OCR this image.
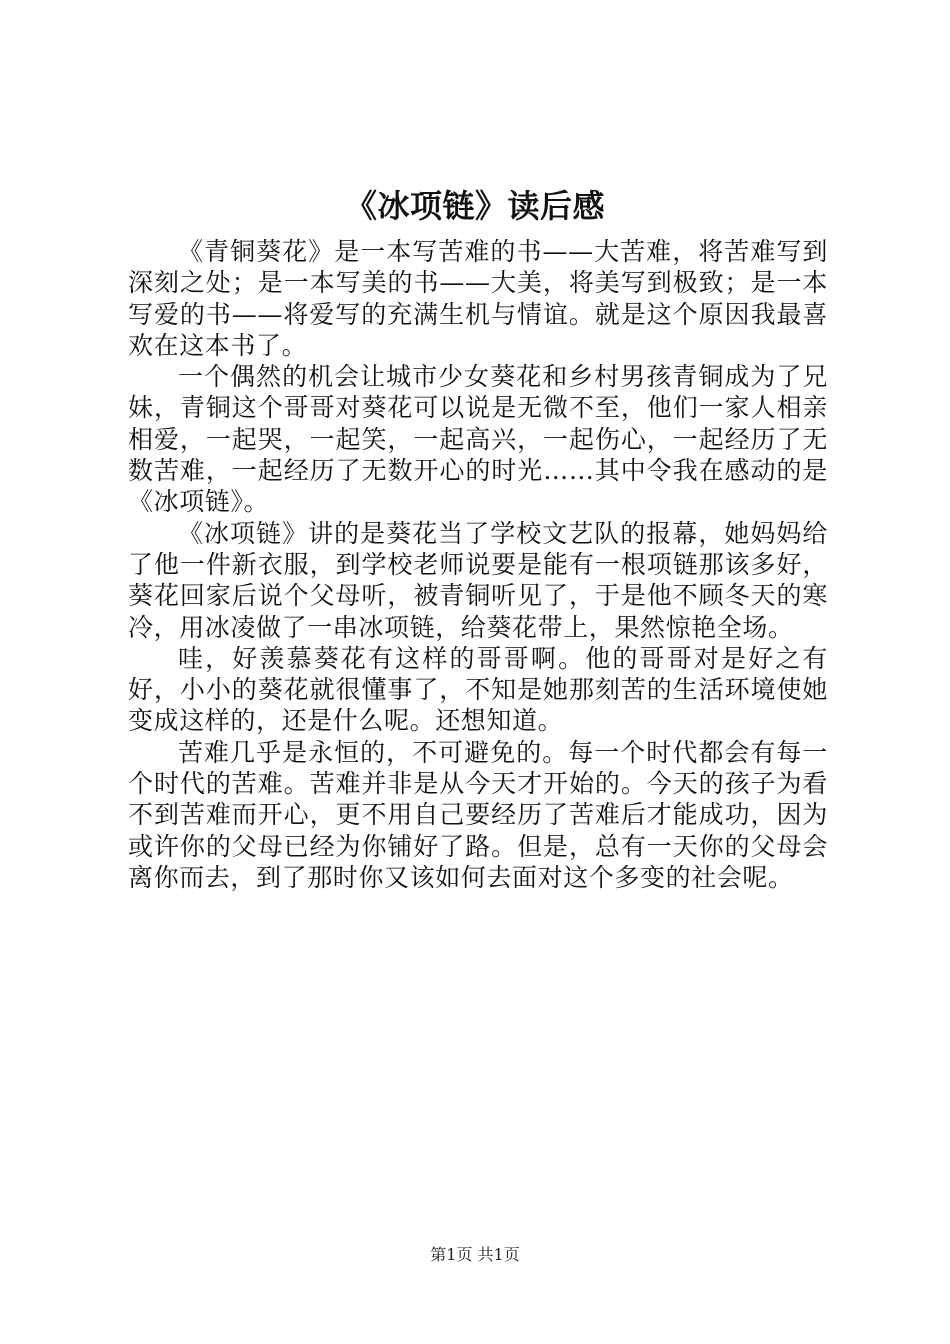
《冰项链》读后感

《青铜葵花》是一本写苦难的书——大苦难，将苦难写到深刻之处；是一本写美的书——大美，将美写到极致；是一本写爱的书——将爱写的充满生机与情谊。就是这个原因我最喜欢在这本书了。

一个偶然的机会让城市少女葵花和乡村男孩青铜成为了兄妹，青铜这个哥哥对葵花可以说是无微不至，他们一家人相亲相爱，一起哭，一起笑，一起高兴，一起伤心，一起经历了无数苦难，一起经历了无数开心的时光……其中令我在感动的是《冰项链》。

《冰项链》讲的是葵花当了学校文艺队的报幕，她妈妈给了他一件新衣服，到学校老师说要是能有一根项链那该多好，葵花回家后说个父母听，被青铜听见了，于是他不顾冬天的寒冷，用冰凌做了一串冰项链，给葵花带上，果然惊艳全场。

哇，好羡慕葵花有这样的哥哥啊。他的哥哥对是好之有好，小小的葵花就很懂事了，不知是她那刻苦的生活环境使她变成这样的，还是什么呢。还想知道。

苦难几乎是永恒的，不可避免的。每一个时代都会有每一个时代的苦难。苦难并非是从今天才开始的。今天的孩子为看不到苦难而开心，更不用自己要经历了苦难后才能成功，因为或许你的父母已经为你铺好了路。但是，总有一天你的父母会离你而去，到了那时你又该如何去面对这个多变的社会呢。

第1页 共1页
